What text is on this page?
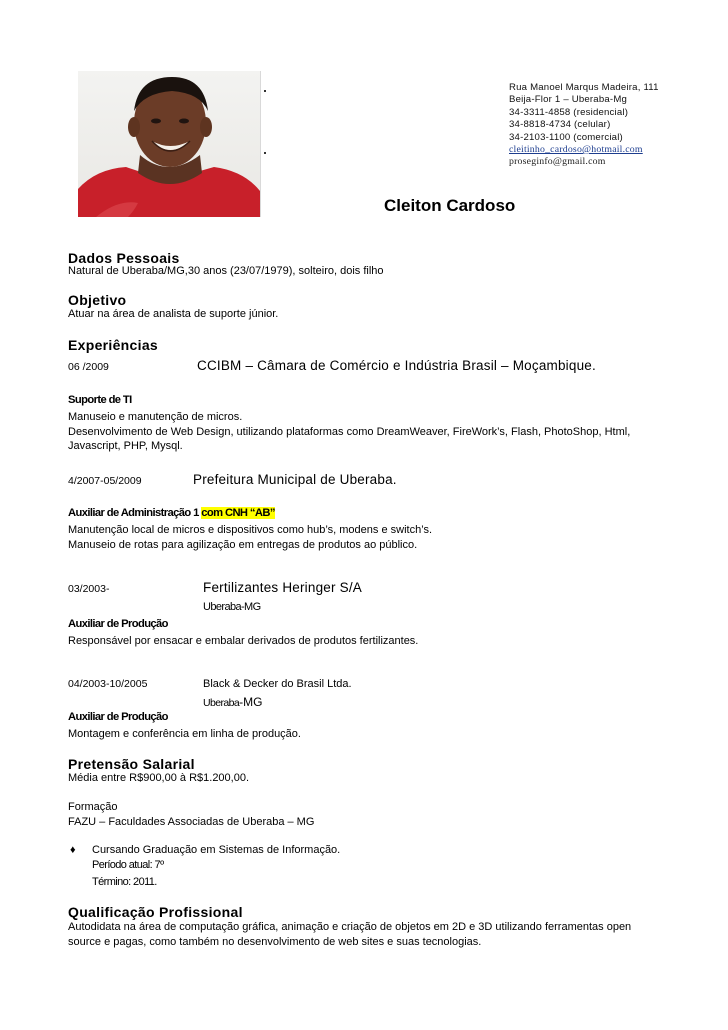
Rua Manoel Marqus Madeira, 111
Beija-Flor 1 – Uberaba-Mg
34-3311-4858 (residencial)
34-8818-4734 (celular)
34-2103-1100 (comercial)
cleitinho_cardoso@hotmail.com
proseginfo@gmail.com
Cleiton Cardoso
Dados Pessoais
Natural de Uberaba/MG,30 anos (23/07/1979), solteiro, dois filho
Objetivo
Atuar na área de analista de suporte júnior.
Experiências
06 /2009	CCIBM – Câmara de Comércio e Indústria Brasil – Moçambique.
Suporte de TI
Manuseio e manutenção de micros.
Desenvolvimento de Web Design, utilizando plataformas como DreamWeaver, FireWork’s, Flash, PhotoShop, Html,
Javascript, PHP, Mysql.
4/2007-05/2009	Prefeitura Municipal de Uberaba.
Auxiliar de Administração 1 com CNH “AB”
Manutenção local de micros e dispositivos como hub’s, modens e switch’s.
Manuseio de rotas para agilização em entregas de produtos ao público.
03/2003-	Fertilizantes Heringer S/A
Uberaba-MG
Auxiliar de Produção
Responsável por ensacar e embalar derivados de produtos fertilizantes.
04/2003-10/2005	Black & Decker do Brasil Ltda.
Uberaba-MG
Auxiliar de Produção
Montagem e conferência em linha de produção.
Pretensão Salarial
Média entre R$900,00 à R$1.200,00.
Formação
FAZU – Faculdades Associadas de Uberaba – MG
♦ Cursando Graduação em Sistemas de Informação.
Período atual: 7º
Término: 2011.
Qualificação Profissional
Autodidata na área de computação gráfica, animação e criação de objetos em 2D e 3D utilizando ferramentas open
source e pagas, como também no desenvolvimento de web sites e suas tecnologias.
